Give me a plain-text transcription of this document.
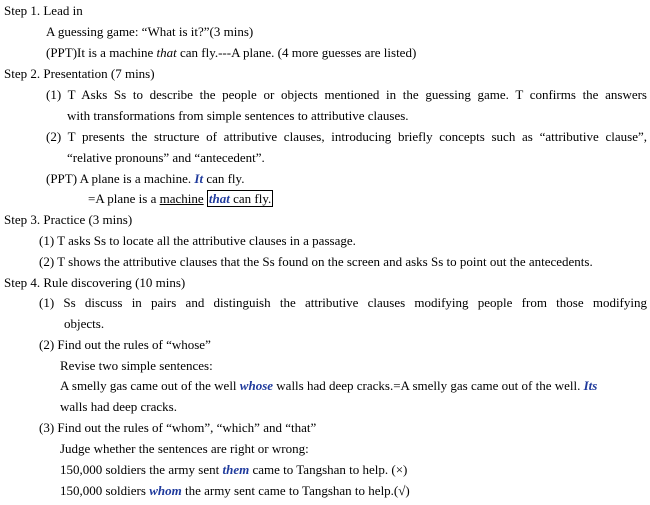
Step 1. Lead in
A guessing game: “What is it?”(3 mins)
(PPT)It is a machine that can fly.---A plane. (4 more guesses are listed)
Step 2. Presentation (7 mins)
(1) T Asks Ss to describe the people or objects mentioned in the guessing game. T confirms the answers
with transformations from simple sentences to attributive clauses.
(2) T presents the structure of attributive clauses, introducing briefly concepts such as “attributive clause”,
“relative pronouns” and “antecedent”.
(PPT) A plane is a machine. It can fly.
=A plane is a machine that can fly.
Step 3. Practice (3 mins)
(1) T asks Ss to locate all the attributive clauses in a passage.
(2) T shows the attributive clauses that the Ss found on the screen and asks Ss to point out the antecedents.
Step 4. Rule discovering (10 mins)
(1) Ss discuss in pairs and distinguish the attributive clauses modifying people from those modifying
objects.
(2) Find out the rules of “whose”
Revise two simple sentences:
A smelly gas came out of the well whose walls had deep cracks.=A smelly gas came out of the well. Its
walls had deep cracks.
(3) Find out the rules of “whom”, “which” and “that”
Judge whether the sentences are right or wrong:
150,000 soldiers the army sent them came to Tangshan to help. (×)
150,000 soldiers whom the army sent came to Tangshan to help.(√)
